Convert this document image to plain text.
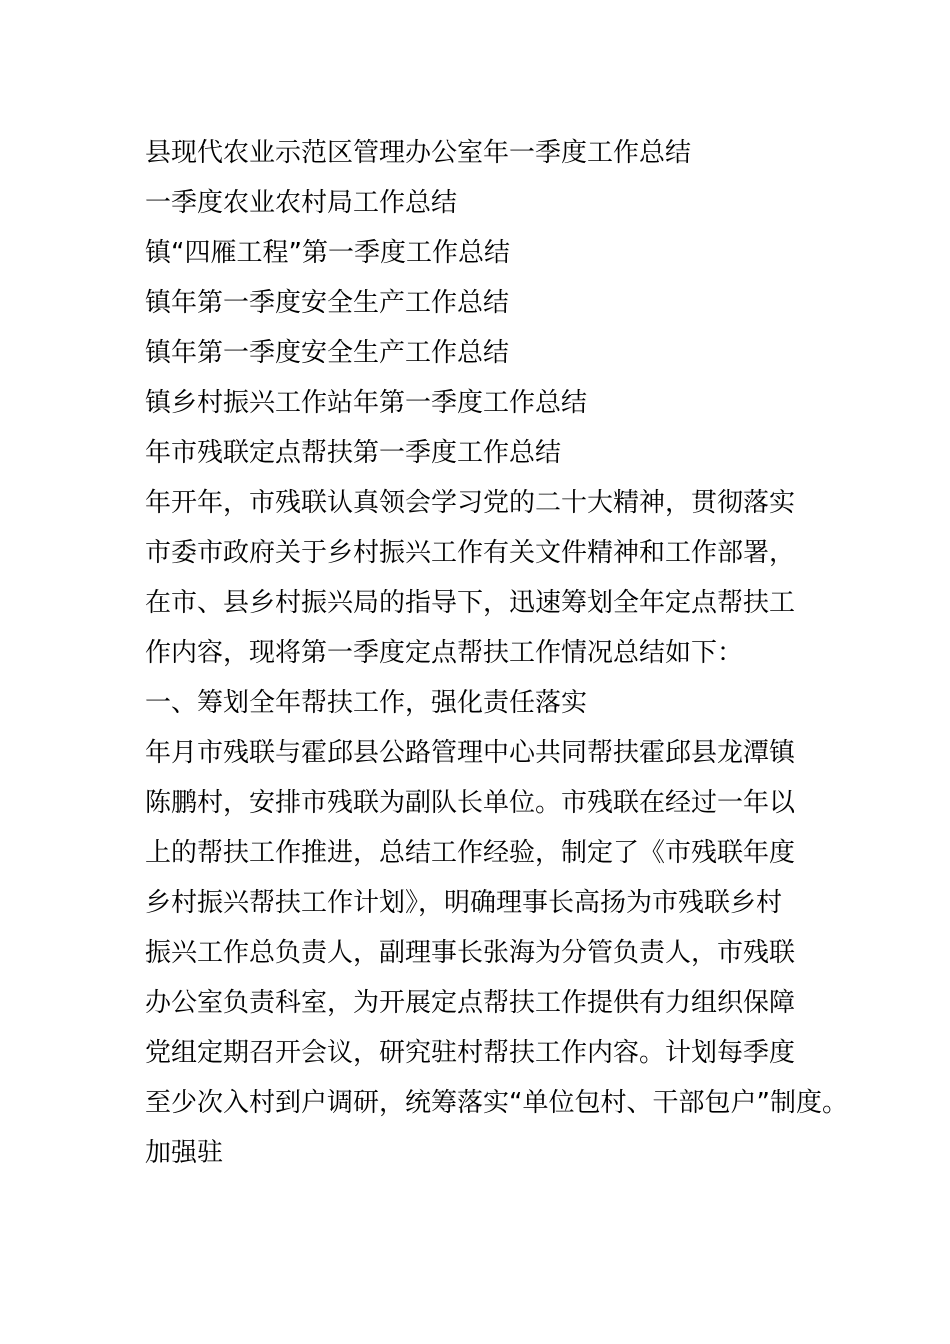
县现代农业示范区管理办公室年一季度工作总结
一季度农业农村局工作总结
镇“四雁工程”第一季度工作总结
镇年第一季度安全生产工作总结
镇年第一季度安全生产工作总结
镇乡村振兴工作站年第一季度工作总结
年市残联定点帮扶第一季度工作总结
年开年，市残联认真领会学习党的二十大精神，贯彻落实
市委市政府关于乡村振兴工作有关文件精神和工作部署，
在市、县乡村振兴局的指导下，迅速筹划全年定点帮扶工
作内容，现将第一季度定点帮扶工作情况总结如下：
一、筹划全年帮扶工作，强化责任落实
年月市残联与霍邱县公路管理中心共同帮扶霍邱县龙潭镇
陈鹏村，安排市残联为副队长单位。市残联在经过一年以
上的帮扶工作推进，总结工作经验，制定了《市残联年度
乡村振兴帮扶工作计划》，明确理事长高扬为市残联乡村
振兴工作总负责人，副理事长张海为分管负责人，市残联
办公室负责科室，为开展定点帮扶工作提供有力组织保障
党组定期召开会议，研究驻村帮扶工作内容。计划每季度
至少次入村到户调研，统筹落实“单位包村、干部包户”制度。
加强驻
